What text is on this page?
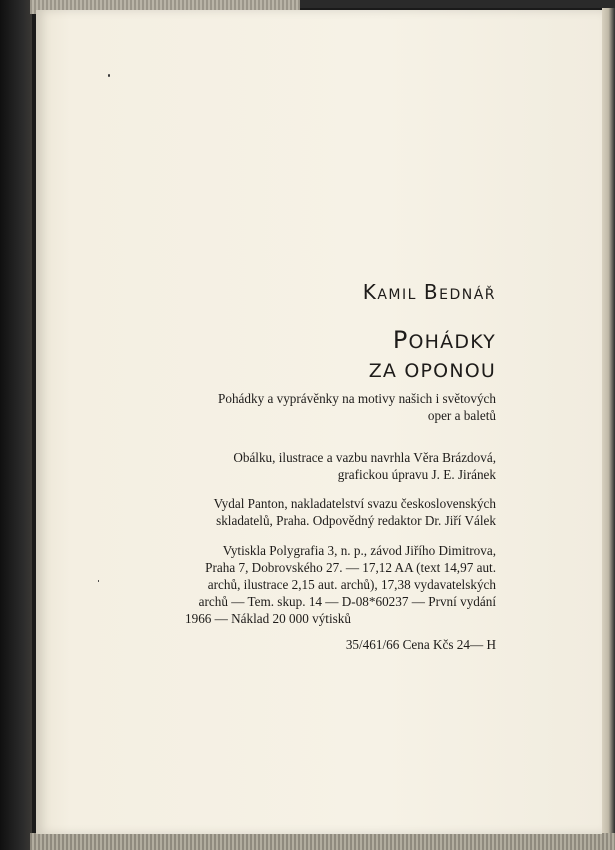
KAMIL BEDNÁŘ
POHÁDKY
ZA OPONOU
Pohádky a vyprávěnky na motivy našich i světových
oper a baletů
Obálku, ilustrace a vazbu navrhla Věra Brázdová,
grafickou úpravu J. E. Jiránek
Vydal Panton, nakladatelství svazu československých
skladatelů, Praha. Odpovědný redaktor Dr. Jiří Válek
Vytiskla Polygrafia 3, n. p., závod Jiřího Dimitrova,
Praha 7, Dobrovského 27. — 17,12 AA (text 14,97 aut.
archů, ilustrace 2,15 aut. archů), 17,38 vydavatelských
archů — Tem. skup. 14 — D-08*60237 — První vydání
1966 — Náklad 20 000 výtisků
35/461/66 Cena Kčs 24— H
